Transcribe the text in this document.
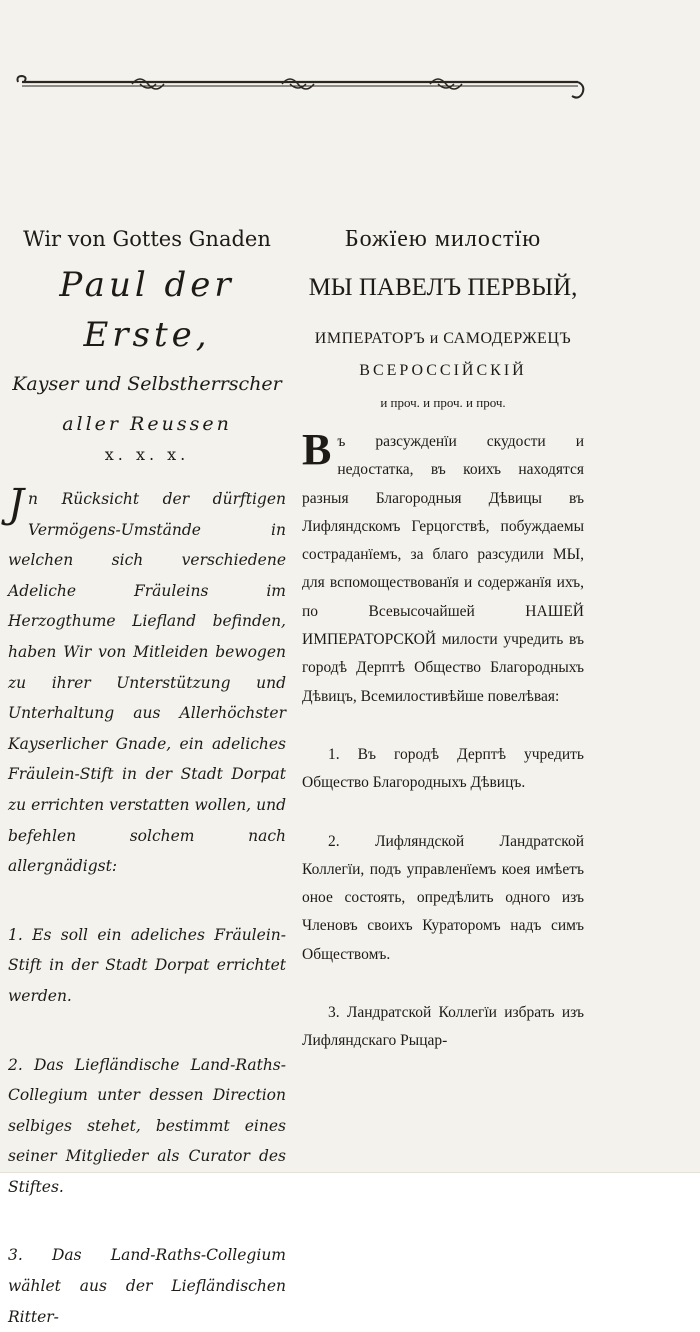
Wir von Gottes Gnaden

Paul der Erste,

Kayser und Selbstherrscher

aller Reussen

x. x. x.

Jn Rücksicht der dürftigen Vermögens-Umstände in welchen sich verschiedene Adeliche Fräuleins im Herzogthume Liefland befinden, haben Wir von Mitleiden bewogen zu ihrer Unterstützung und Unterhaltung aus Allerhöchster Kayserlicher Gnade, ein adeliches Fräulein-Stift in der Stadt Dorpat zu errichten verstatten wollen, und befehlen solchem nach allergnädigst:

1. Es soll ein adeliches Fräulein-Stift in der Stadt Dorpat errichtet werden.

2. Das Liefländische Land-Raths-Collegium unter dessen Direction selbiges stehet, bestimmt eines seiner Mitglieder als Curator des Stiftes.

3. Das Land-Raths-Collegium wählet aus der Liefländischen Ritter-

Божїею милостїю

МЫ ПАВЕЛЪ ПЕРВЫЙ,

ИМПЕРАТОРЪ и САМОДЕРЖЕЦЪ

ВСЕРОССІЙСКІЙ

и проч. и проч. и проч.

Въ разсужденїи скудости и недостатка, въ коихъ находятся разныя Благородныя Дѣвицы въ Лифляндскомъ Герцогствѣ, побуждаемы состраданїемъ, за благо разсудили МЫ, для вспомоществованїя и содержанїя ихъ, по Всевысочайшей НАШЕЙ ИМПЕРАТОРСКОЙ милости учредить въ городѣ Дерптѣ Общество Благородныхъ Дѣвицъ, Всемилостивѣйше повелѣвая:

1. Въ городѣ Дерптѣ учредить Общество Благородныхъ Дѣвицъ.

2. Лифляндской Ландратской Коллегїи, подъ управленїемъ коея имѣетъ оное состоять, опредѣлить одного изъ Членовъ своихъ Кураторомъ надъ симъ Обществомъ.

3. Ландратской Коллегїи избрать изъ Лифляндскаго Рыцар-
